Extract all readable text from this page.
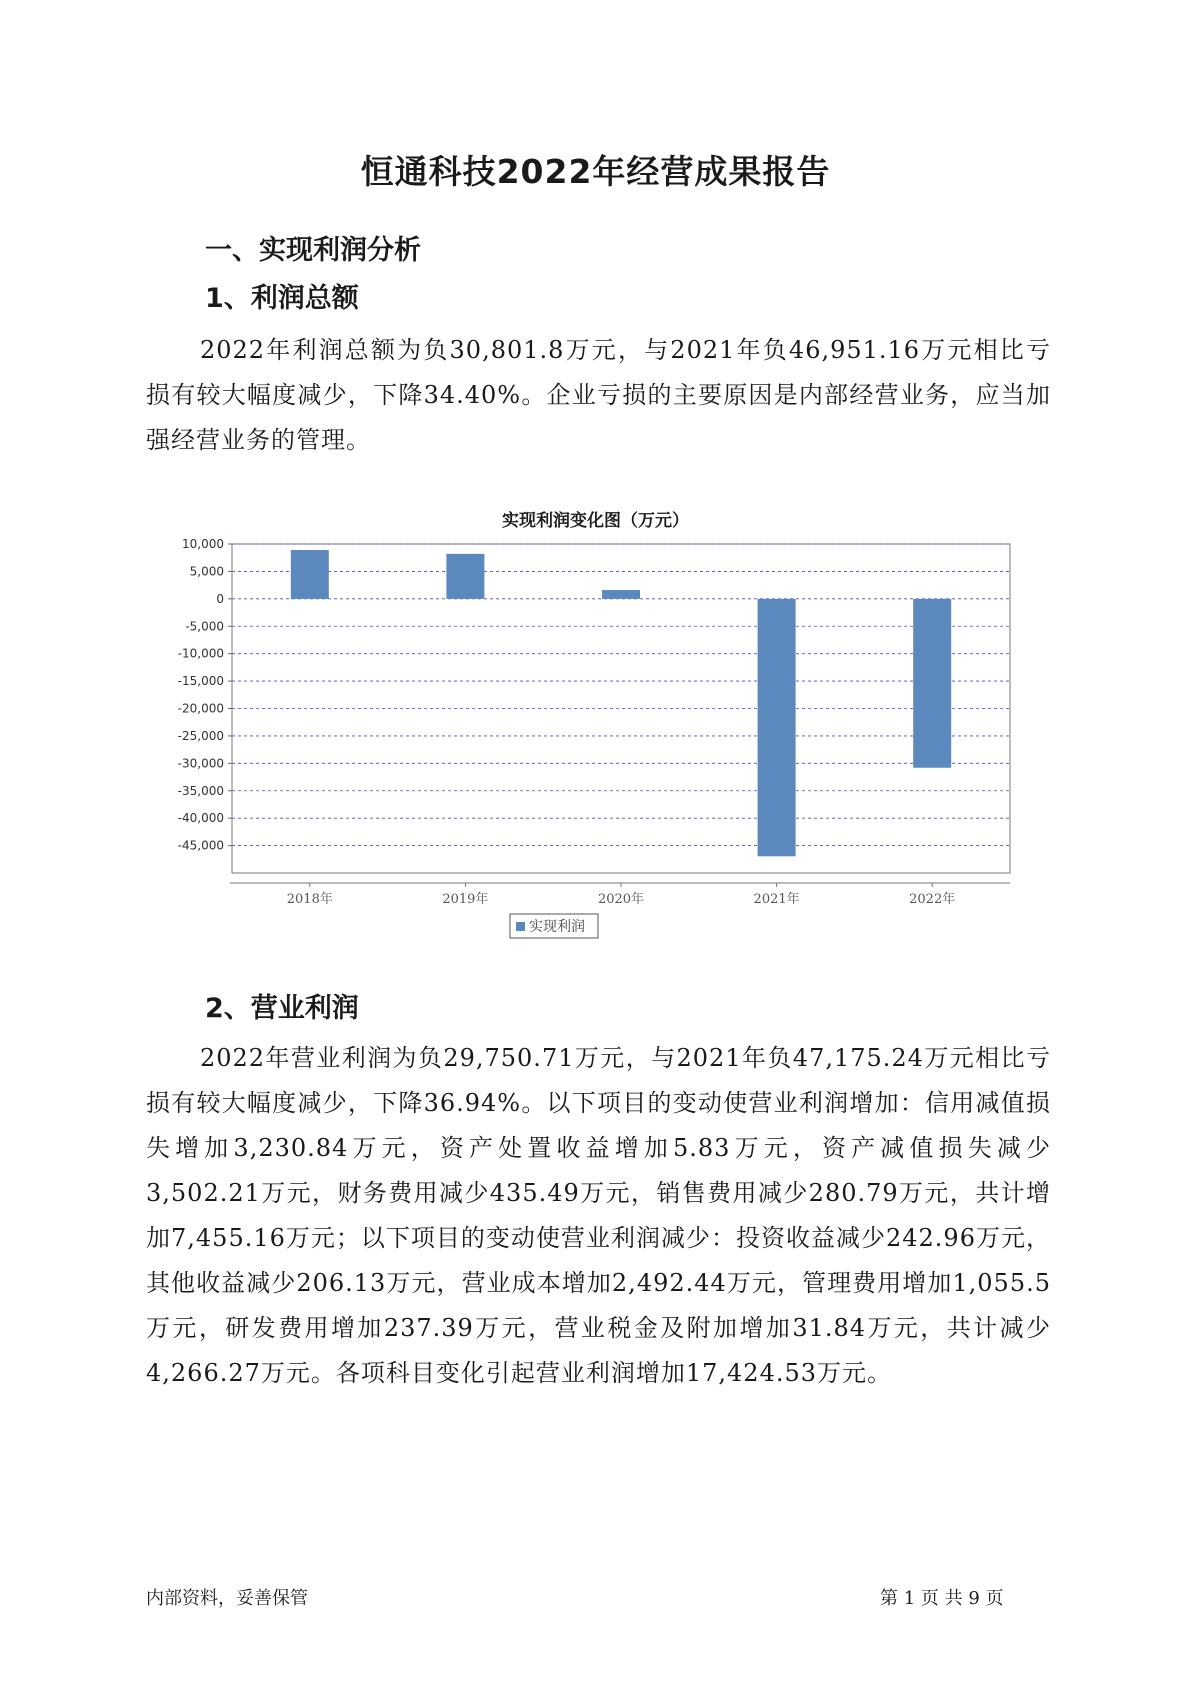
恒通科技2022年经营成果报告
一、实现利润分析
1、利润总额
2022年利润总额为负30,801.8万元，与2021年负46,951.16万元相比亏损有较大幅度减少，下降34.40%。企业亏损的主要原因是内部经营业务，应当加强经营业务的管理。
实现利润变化图（万元）
10,000
5,000
0
-5,000
-10,000
-15,000
-20,000
-25,000
-30,000
-35,000
-40,000
-45,000
2018年	2019年	2020年	2021年	2022年
实现利润
2、营业利润
2022年营业利润为负29,750.71万元，与2021年负47,175.24万元相比亏损有较大幅度减少，下降36.94%。以下项目的变动使营业利润增加：信用减值损失增加3,230.84万元，资产处置收益增加5.83万元，资产减值损失减少3,502.21万元，财务费用减少435.49万元，销售费用减少280.79万元，共计增加7,455.16万元；以下项目的变动使营业利润减少：投资收益减少242.96万元，其他收益减少206.13万元，营业成本增加2,492.44万元，管理费用增加1,055.5万元，研发费用增加237.39万元，营业税金及附加增加31.84万元，共计减少4,266.27万元。各项科目变化引起营业利润增加17,424.53万元。
内部资料，妥善保管	第 1 页 共 9 页
